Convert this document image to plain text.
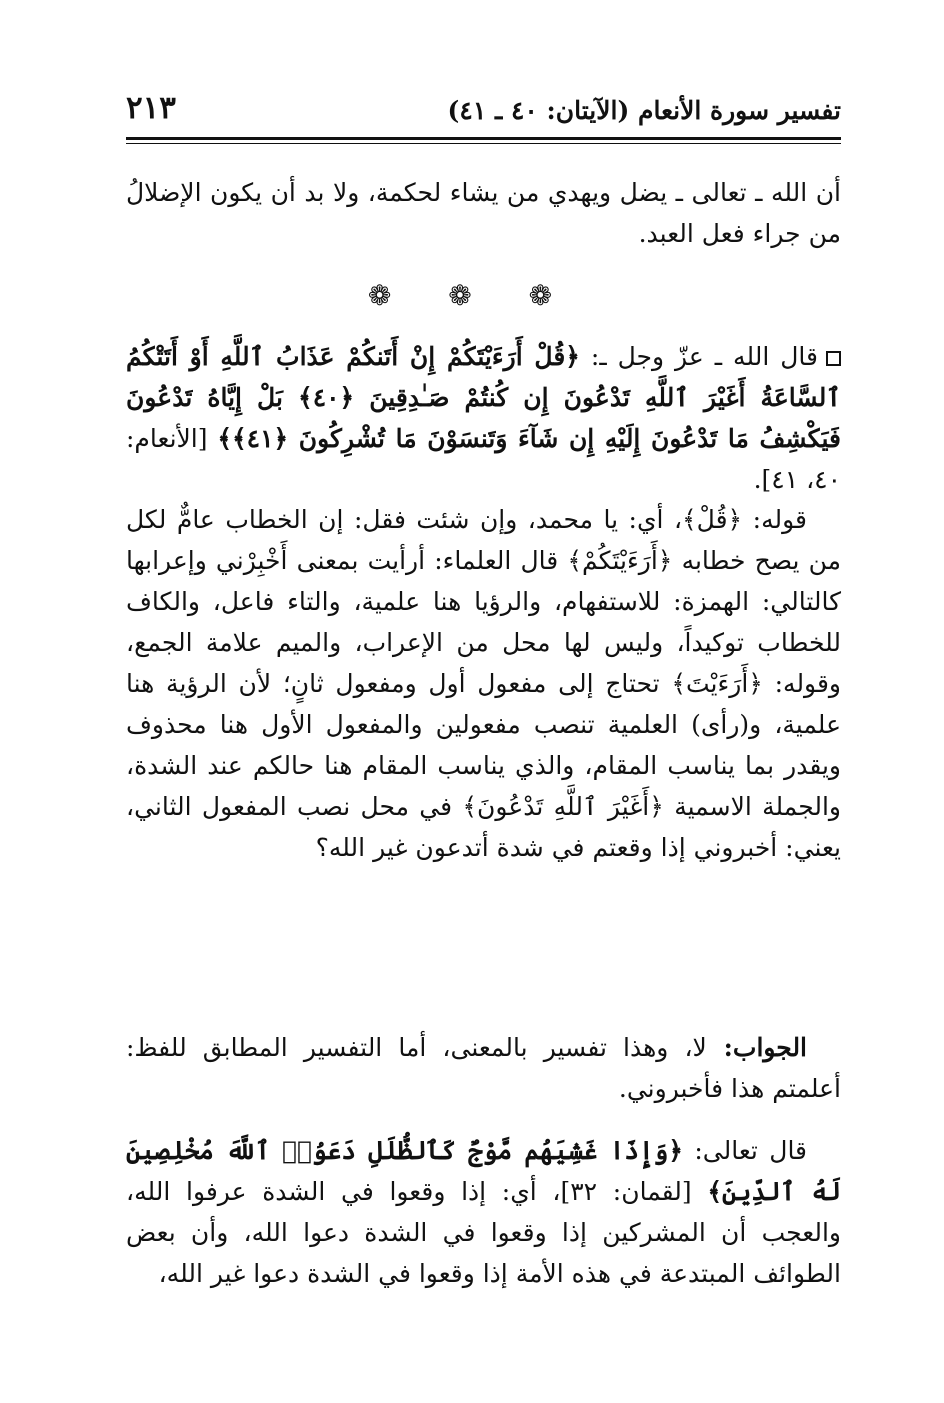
تفسير سورة الأنعام (الآيتان: ٤٠ ـ ٤١)
٢١٣

أن الله ـ تعالى ـ يضل ويهدي من يشاء لحكمة، ولا بد أن يكون الإضلالُ من جراء فعل العبد.

❁ ❁ ❁

قال الله ـ عزّ وجل ـ: ﴿قُلْ أَرَءَيْتَكُمْ إِنْ أَتَنكُمْ عَذَابُ ٱللَّهِ أَوْ أَتَتْكُمُ ٱلسَّاعَةُ أَغَيْرَ ٱللَّهِ تَدْعُونَ إِن كُنتُمْ صَـٰدِقِينَ ﴿٤٠﴾ بَلْ إِيَّاهُ تَدْعُونَ فَيَكْشِفُ مَا تَدْعُونَ إِلَيْهِ إِن شَآءَ وَتَنسَوْنَ مَا تُشْرِكُونَ ﴿٤١﴾﴾ [الأنعام: ٤٠، ٤١].

قوله: ﴿قُلْ﴾، أي: يا محمد، وإن شئت فقل: إن الخطاب عامٌّ لكل من يصح خطابه ﴿أَرَءَيْتَكُمْ﴾ قال العلماء: أرأيت بمعنى أَخْبِرْني وإعرابها كالتالي: الهمزة: للاستفهام، والرؤيا هنا علمية، والتاء فاعل، والكاف للخطاب توكيداً، وليس لها محل من الإعراب، والميم علامة الجمع، وقوله: ﴿أَرَءَيْتَ﴾ تحتاج إلى مفعول أول ومفعول ثانٍ؛ لأن الرؤية هنا علمية، و(رأى) العلمية تنصب مفعولين والمفعول الأول هنا محذوف ويقدر بما يناسب المقام، والذي يناسب المقام هنا حالكم عند الشدة، والجملة الاسمية ﴿أَغَيْرَ ٱللَّهِ تَدْعُونَ﴾ في محل نصب المفعول الثاني، يعني: أخبروني إذا وقعتم في شدة أتدعون غير الله؟

الجواب: لا، وهذا تفسير بالمعنى، أما التفسير المطابق للفظ: أعلمتم هذا فأخبروني.

قال تعالى: ﴿وَإِذَا غَشِيَهُم مَّوْجٌ كَٱلظُّلَلِ دَعَوُا۟ ٱللَّهَ مُخْلِصِينَ لَهُ ٱلدِّينَ﴾ [لقمان: ٣٢]، أي: إذا وقعوا في الشدة عرفوا الله، والعجب أن المشركين إذا وقعوا في الشدة دعوا الله، وأن بعض الطوائف المبتدعة في هذه الأمة إذا وقعوا في الشدة دعوا غير الله،
